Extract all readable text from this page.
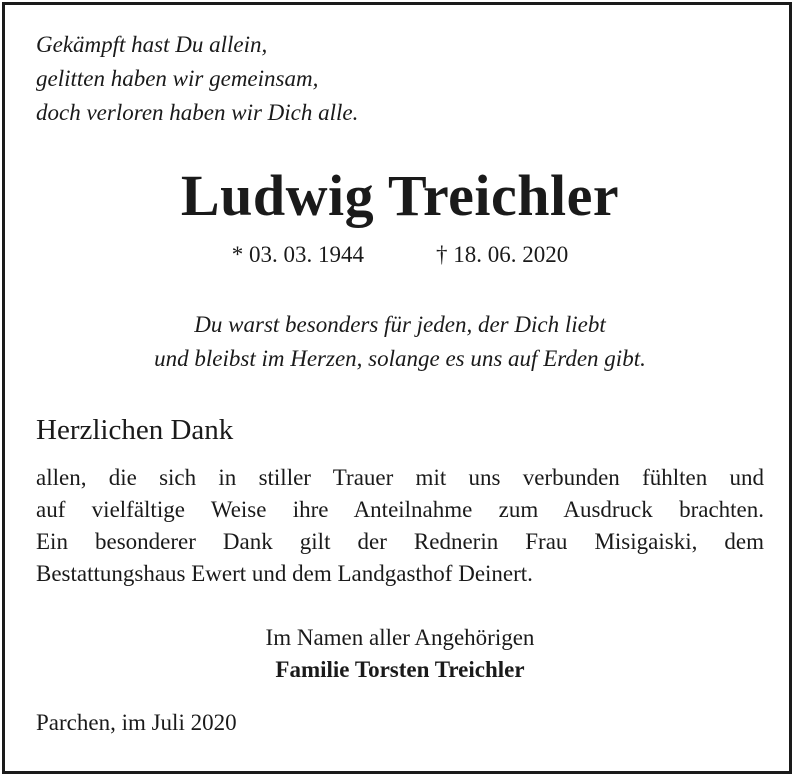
Gekämpft hast Du allein,
gelitten haben wir gemeinsam,
doch verloren haben wir Dich alle.
Ludwig Treichler
* 03. 03. 1944	† 18. 06. 2020
Du warst besonders für jeden, der Dich liebt
und bleibst im Herzen, solange es uns auf Erden gibt.
Herzlichen Dank
allen, die sich in stiller Trauer mit uns verbunden fühlten und
auf vielfältige Weise ihre Anteilnahme zum Ausdruck brachten.
Ein besonderer Dank gilt der Rednerin Frau Misigaiski, dem
Bestattungshaus Ewert und dem Landgasthof Deinert.
Im Namen aller Angehörigen
Familie Torsten Treichler
Parchen, im Juli 2020
